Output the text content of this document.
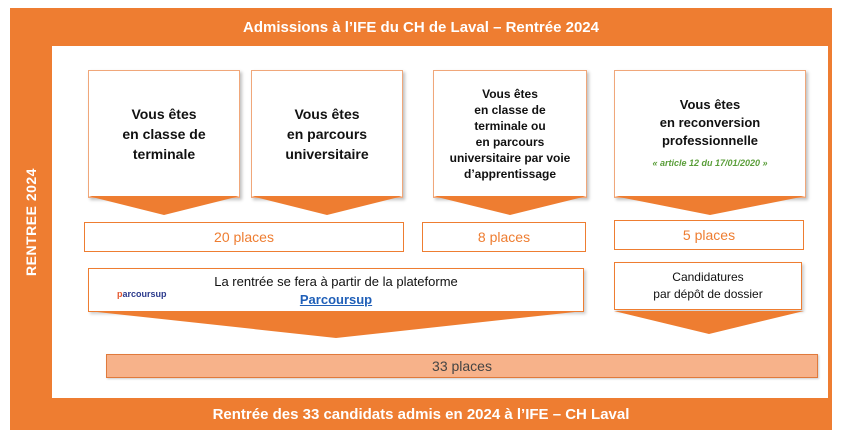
Admissions à l’IFE du CH de Laval – Rentrée 2024
RENTREE 2024
Vous êtes
en classe de
terminale
Vous êtes
en parcours
universitaire
Vous êtes
en classe de
terminale ou
en parcours
universitaire par voie
d’apprentissage
Vous êtes
en reconversion
professionnelle
« article 12 du 17/01/2020 »
20 places	8 places	5 places
parcoursup
La rentrée se fera à partir de la plateforme
Parcoursup
Candidatures
par dépôt de dossier
33 places
Rentrée des 33 candidats admis en 2024 à l’IFE – CH Laval
